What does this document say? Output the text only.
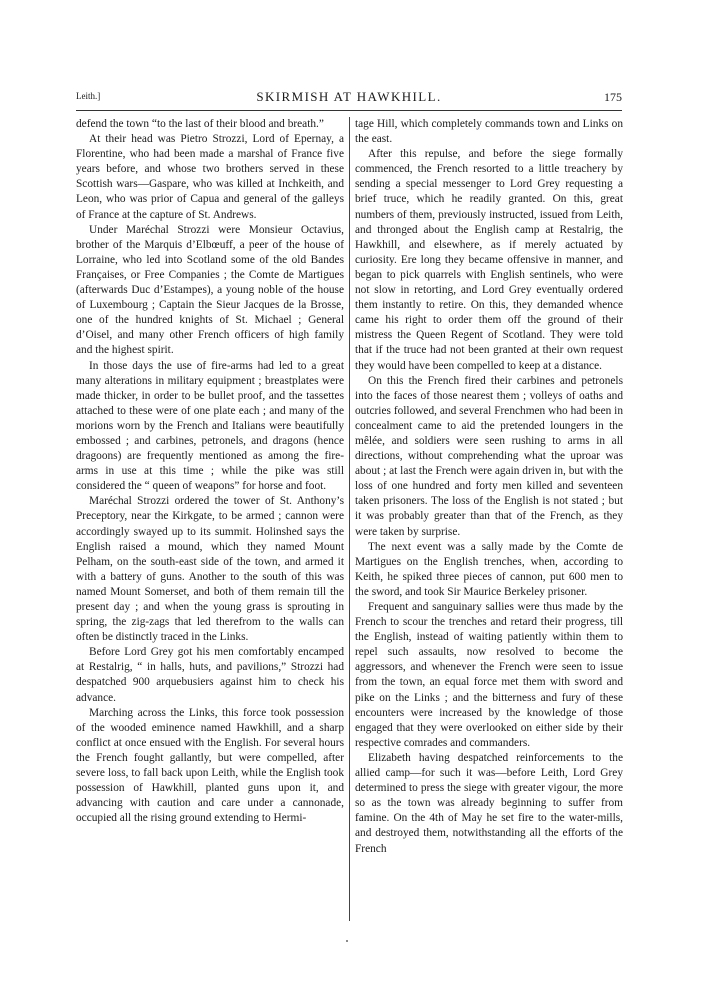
Leith.]	SKIRMISH AT HAWKHILL.	175

defend the town “to the last of their blood and breath.”

At their head was Pietro Strozzi, Lord of Epernay, a Florentine, who had been made a marshal of France five years before, and whose two brothers served in these Scottish wars—Gaspare, who was killed at Inchkeith, and Leon, who was prior of Capua and general of the galleys of France at the capture of St. Andrews.

Under Maréchal Strozzi were Monsieur Octavius, brother of the Marquis d’Elbœuff, a peer of the house of Lorraine, who led into Scotland some of the old Bandes Françaises, or Free Companies ; the Comte de Martigues (afterwards Duc d’Estampes), a young noble of the house of Luxembourg ; Captain the Sieur Jacques de la Brosse, one of the hundred knights of St. Michael ; General d’Oisel, and many other French officers of high family and the highest spirit.

In those days the use of fire-arms had led to a great many alterations in military equipment ; breastplates were made thicker, in order to be bullet proof, and the tassettes attached to these were of one plate each ; and many of the morions worn by the French and Italians were beautifully embossed ; and carbines, petronels, and dragons (hence dragoons) are frequently mentioned as among the fire-arms in use at this time ; while the pike was still considered the “ queen of weapons” for horse and foot.

Maréchal Strozzi ordered the tower of St. Anthony’s Preceptory, near the Kirkgate, to be armed ; cannon were accordingly swayed up to its summit. Holinshed says the English raised a mound, which they named Mount Pelham, on the south-east side of the town, and armed it with a battery of guns. Another to the south of this was named Mount Somerset, and both of them remain till the present day ; and when the young grass is sprouting in spring, the zig-zags that led therefrom to the walls can often be distinctly traced in the Links.

Before Lord Grey got his men comfortably encamped at Restalrig, “ in halls, huts, and pavilions,” Strozzi had despatched 900 arquebusiers against him to check his advance.

Marching across the Links, this force took possession of the wooded eminence named Hawkhill, and a sharp conflict at once ensued with the English. For several hours the French fought gallantly, but were compelled, after severe loss, to fall back upon Leith, while the English took possession of Hawkhill, planted guns upon it, and advancing with caution and care under a cannonade, occupied all the rising ground extending to Hermi-

tage Hill, which completely commands town and Links on the east.

After this repulse, and before the siege formally commenced, the French resorted to a little treachery by sending a special messenger to Lord Grey requesting a brief truce, which he readily granted. On this, great numbers of them, previously instructed, issued from Leith, and thronged about the English camp at Restalrig, the Hawkhill, and elsewhere, as if merely actuated by curiosity. Ere long they became offensive in manner, and began to pick quarrels with English sentinels, who were not slow in retorting, and Lord Grey eventually ordered them instantly to retire. On this, they demanded whence came his right to order them off the ground of their mistress the Queen Regent of Scotland. They were told that if the truce had not been granted at their own request they would have been compelled to keep at a distance.

On this the French fired their carbines and petronels into the faces of those nearest them ; volleys of oaths and outcries followed, and several Frenchmen who had been in concealment came to aid the pretended loungers in the mêlée, and soldiers were seen rushing to arms in all directions, without comprehending what the uproar was about ; at last the French were again driven in, but with the loss of one hundred and forty men killed and seventeen taken prisoners. The loss of the English is not stated ; but it was probably greater than that of the French, as they were taken by surprise.

The next event was a sally made by the Comte de Martigues on the English trenches, when, according to Keith, he spiked three pieces of cannon, put 600 men to the sword, and took Sir Maurice Berkeley prisoner.

Frequent and sanguinary sallies were thus made by the French to scour the trenches and retard their progress, till the English, instead of waiting patiently within them to repel such assaults, now resolved to become the aggressors, and whenever the French were seen to issue from the town, an equal force met them with sword and pike on the Links ; and the bitterness and fury of these encounters were increased by the knowledge of those engaged that they were overlooked on either side by their respective comrades and commanders.

Elizabeth having despatched reinforcements to the allied camp—for such it was—before Leith, Lord Grey determined to press the siege with greater vigour, the more so as the town was already beginning to suffer from famine. On the 4th of May he set fire to the water-mills, and destroyed them, notwithstanding all the efforts of the French
